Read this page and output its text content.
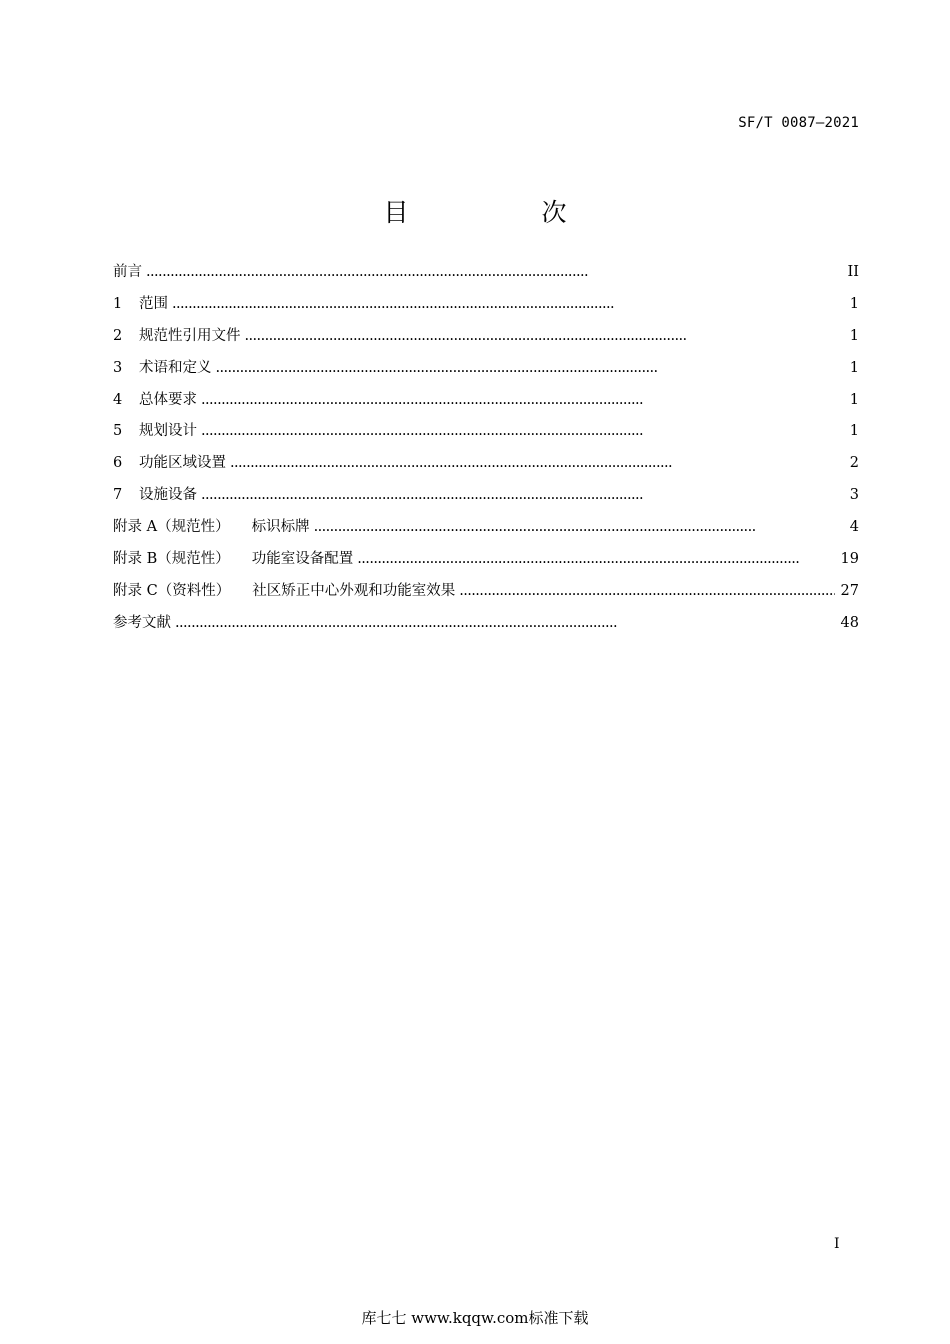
SF/T 0087—2021
目　次
前言 . . .	II
1	范围 . . .	1
2	规范性引用文件 . . .	1
3	术语和定义 . . .	1
4	总体要求 . . .	1
5	规划设计 . . .	1
6	功能区域设置 . . .	2
7	设施设备 . . .	3
附录 A（规范性） 标识标牌 . . .	4
附录 B（规范性） 功能室设备配置 . . .	19
附录 C（资料性） 社区矫正中心外观和功能室效果 . . .	27
参考文献 . . .	48
I
库七七 www.kqqw.com标准下载
